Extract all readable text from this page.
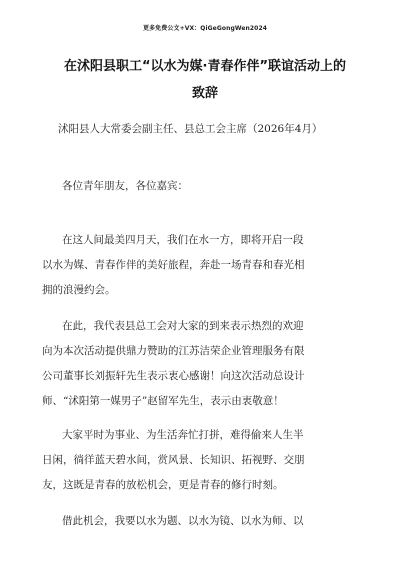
更多免费公文+VX：QiGeGongWen2024
在沭阳县职工“以水为媒·青春作伴”联谊活动上的
致辞
沭阳县人大常委会副主任、县总工会主席（2026年4月）
各位青年朋友，各位嘉宾：
在这人间最美四月天，我们在水一方，即将开启一段
以水为媒、青春作伴的美好旅程，奔赴一场青春和春光相
拥的浪漫约会。
在此，我代表县总工会对大家的到来表示热烈的欢迎
向为本次活动提供鼎力赞助的江苏洁荣企业管理服务有限
公司董事长刘振轩先生表示衷心感谢！向这次活动总设计
师、“沭阳第一媒男子”赵留军先生，表示由衷敬意！
大家平时为事业、为生活奔忙打拼，难得偷来人生半
日闲，徜徉蓝天碧水间，赏风景、长知识、拓视野、交朋
友，这既是青春的放松机会，更是青春的修行时刻。
借此机会，我要以水为题、以水为镜、以水为师、以
